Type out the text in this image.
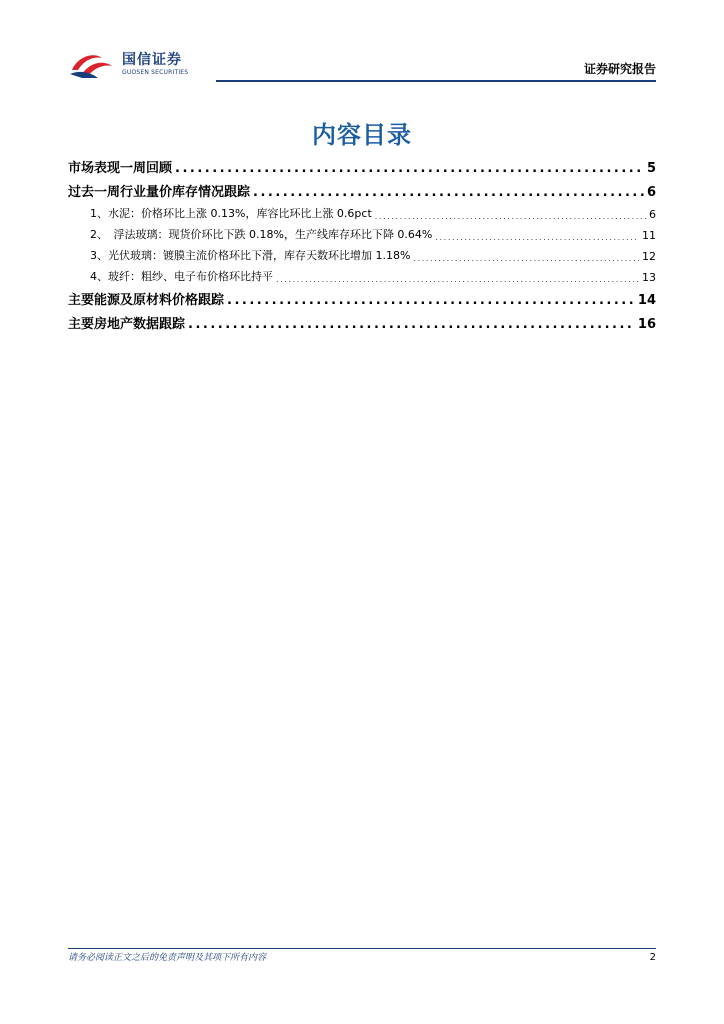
国信证券
GUOSEN SECURITIES	证券研究报告
内容目录
市场表现一周回顾 .....	5
过去一周行业量价库存情况跟踪 .....	6
1、水泥：价格环比上涨 0.13%，库容比环比上涨 0.6pct .....	6
2、　浮法玻璃：现货价环比下跌 0.18%，生产线库存环比下降 0.64% .....	11
3、光伏玻璃：镀膜主流价格环比下滑，库存天数环比增加 1.18% .....	12
4、玻纤：粗纱、电子布价格环比持平 .....	13
主要能源及原材料价格跟踪 .....	14
主要房地产数据跟踪 .....	16
请务必阅读正文之后的免责声明及其项下所有内容	2
